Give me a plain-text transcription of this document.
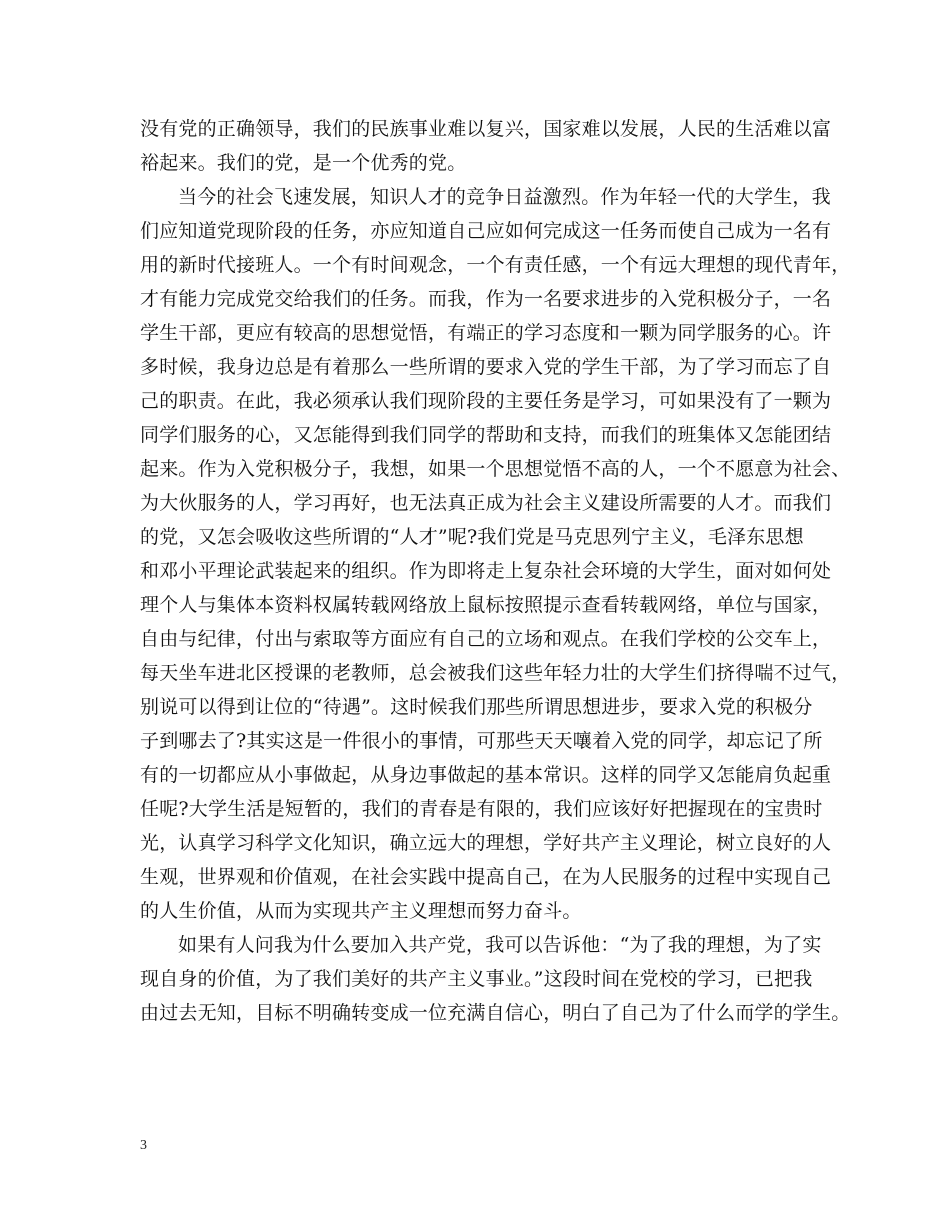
没有党的正确领导，我们的民族事业难以复兴，国家难以发展，人民的生活难以富
裕起来。我们的党，是一个优秀的党。
当今的社会飞速发展，知识人才的竞争日益激烈。作为年轻一代的大学生，我
们应知道党现阶段的任务，亦应知道自己应如何完成这一任务而使自己成为一名有
用的新时代接班人。一个有时间观念，一个有责任感，一个有远大理想的现代青年，
才有能力完成党交给我们的任务。而我，作为一名要求进步的入党积极分子，一名
学生干部，更应有较高的思想觉悟，有端正的学习态度和一颗为同学服务的心。许
多时候，我身边总是有着那么一些所谓的要求入党的学生干部，为了学习而忘了自
己的职责。在此，我必须承认我们现阶段的主要任务是学习，可如果没有了一颗为
同学们服务的心，又怎能得到我们同学的帮助和支持，而我们的班集体又怎能团结
起来。作为入党积极分子，我想，如果一个思想觉悟不高的人，一个不愿意为社会、
为大伙服务的人，学习再好，也无法真正成为社会主义建设所需要的人才。而我们
的党，又怎会吸收这些所谓的“人才”呢?我们党是马克思列宁主义，毛泽东思想
和邓小平理论武装起来的组织。作为即将走上复杂社会环境的大学生，面对如何处
理个人与集体本资料权属转载网络放上鼠标按照提示查看转载网络，单位与国家，
自由与纪律，付出与索取等方面应有自己的立场和观点。在我们学校的公交车上，
每天坐车进北区授课的老教师，总会被我们这些年轻力壮的大学生们挤得喘不过气，
别说可以得到让位的“待遇”。这时候我们那些所谓思想进步，要求入党的积极分
子到哪去了?其实这是一件很小的事情，可那些天天嚷着入党的同学，却忘记了所
有的一切都应从小事做起，从身边事做起的基本常识。这样的同学又怎能肩负起重
任呢?大学生活是短暂的，我们的青春是有限的，我们应该好好把握现在的宝贵时
光，认真学习科学文化知识，确立远大的理想，学好共产主义理论，树立良好的人
生观，世界观和价值观，在社会实践中提高自己，在为人民服务的过程中实现自己
的人生价值，从而为实现共产主义理想而努力奋斗。
如果有人问我为什么要加入共产党，我可以告诉他：“为了我的理想，为了实
现自身的价值，为了我们美好的共产主义事业。”这段时间在党校的学习，已把我
由过去无知，目标不明确转变成一位充满自信心，明白了自己为了什么而学的学生。
3
